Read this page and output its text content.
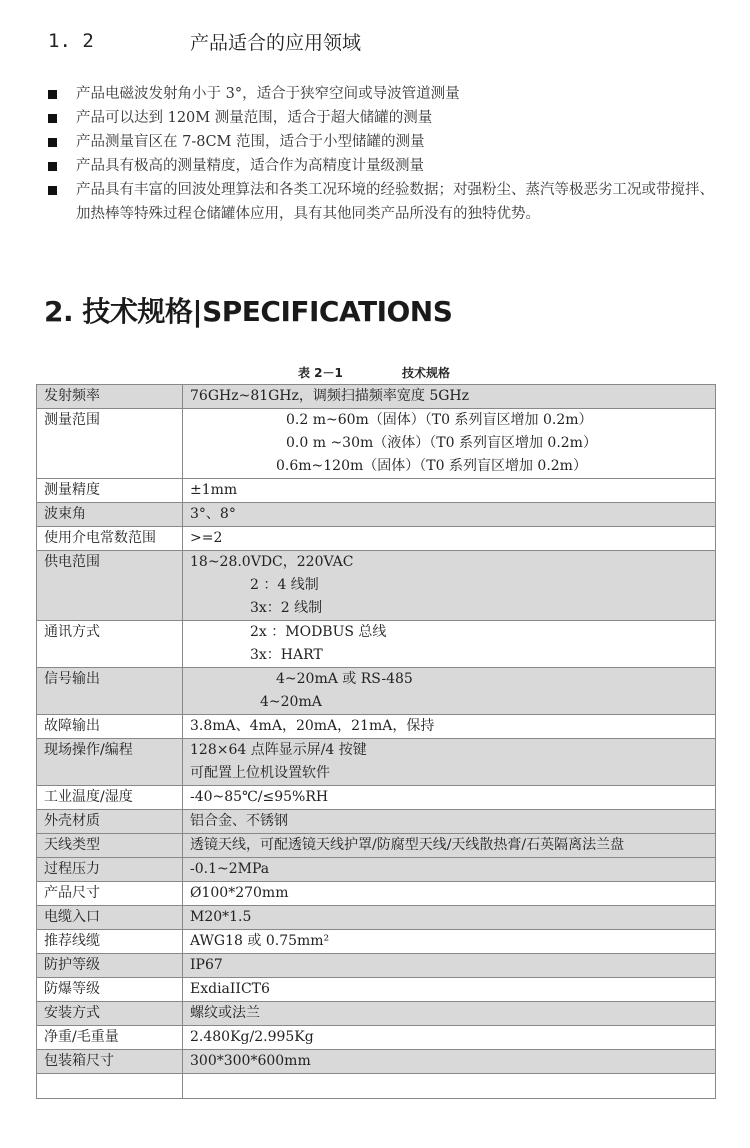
1. 2	产品适合的应用领域
产品电磁波发射角小于 3°，适合于狭窄空间或导波管道测量
产品可以达到 120M 测量范围，适合于超大储罐的测量
产品测量盲区在 7-8CM 范围，适合于小型储罐的测量
产品具有极高的测量精度，适合作为高精度计量级测量
产品具有丰富的回波处理算法和各类工况环境的经验数据；对强粉尘、蒸汽等极恶劣工况或带搅拌、加热棒等特殊过程仓储罐体应用，具有其他同类产品所没有的独特优势。
2. 技术规格|SPECIFICATIONS
表 2－1	技术规格
发射频率	76GHz~81GHz，调频扫描频率宽度 5GHz

测量范围	0.2 m~60m（固体）（T0 系列盲区增加 0.2m）
0.0 m ~30m（液体）（T0 系列盲区增加 0.2m）
0.6m~120m（固体）（T0 系列盲区增加 0.2m）

测量精度	±1mm

波束角	3°、8°

使用介电常数范围	>=2

供电范围	18~28.0VDC，220VAC
2 ：4 线制
3x：2 线制

通讯方式	2x ：MODBUS 总线
3x：HART

信号输出	4~20mA 或 RS-485
4~20mA

故障输出	3.8mA、4mA，20mA，21mA，保持

现场操作/编程	128×64 点阵显示屏/4 按键
可配置上位机设置软件

工业温度/湿度	-40~85℃/≤95%RH

外壳材质	铝合金、不锈钢

天线类型	透镜天线，可配透镜天线护罩/防腐型天线/天线散热膏/石英隔离法兰盘

过程压力	-0.1~2MPa

产品尺寸	Ø100*270mm

电缆入口	M20*1.5

推荐线缆	AWG18 或 0.75mm²

防护等级	IP67

防爆等级	ExdiaIICT6

安装方式	螺纹或法兰

净重/毛重量	2.480Kg/2.995Kg

包装箱尺寸	300*300*600mm
